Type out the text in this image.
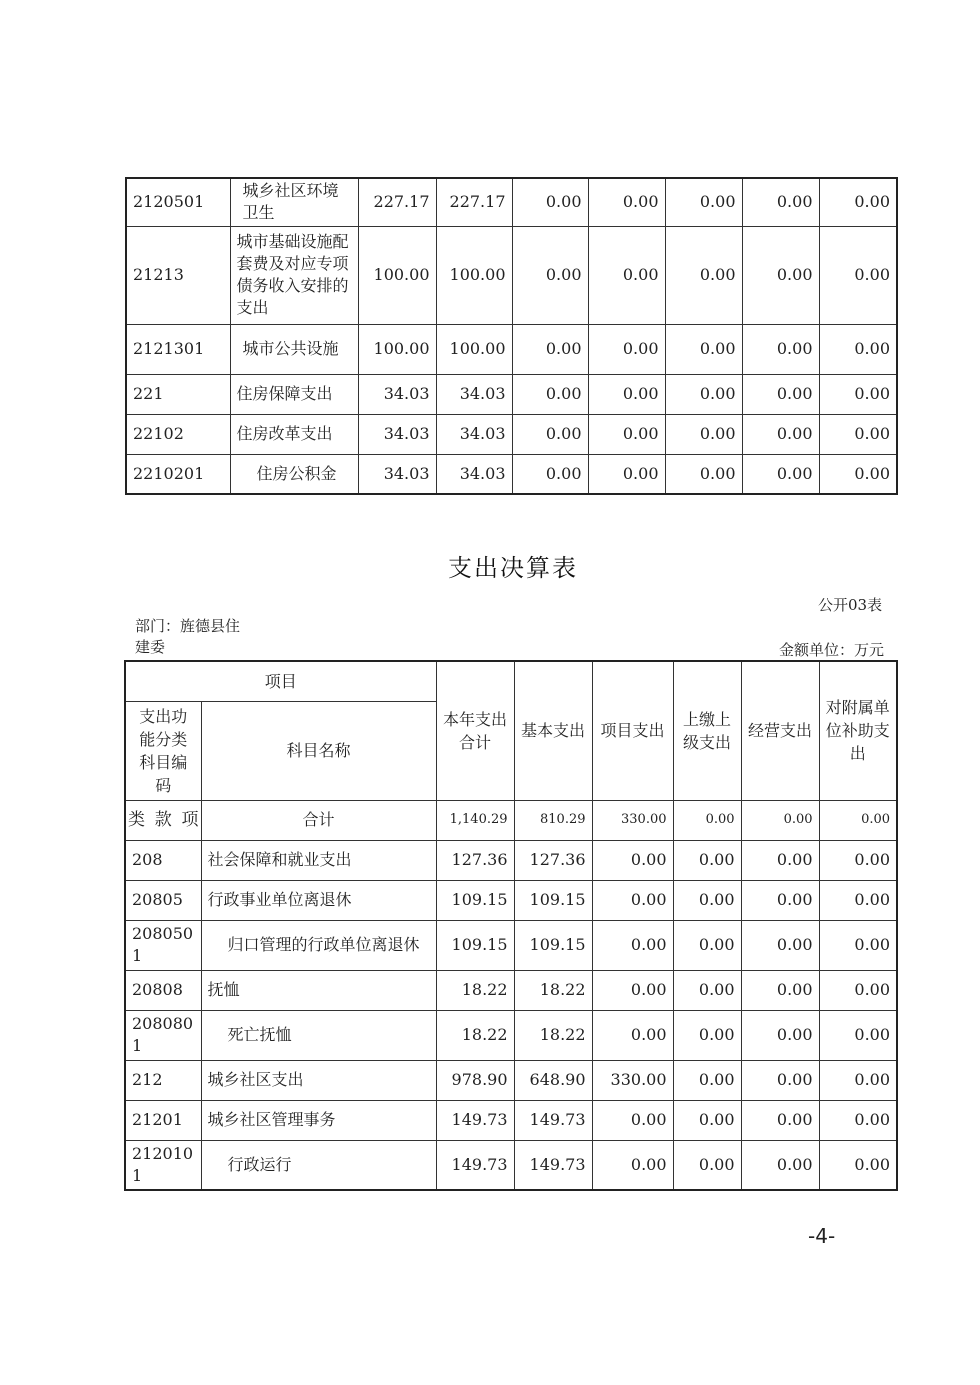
2120501	城乡社区环境卫生	227.17	227.17	0.00	0.00	0.00	0.00	0.00
21213	城市基础设施配套费及对应专项债务收入安排的支出	100.00	100.00	0.00	0.00	0.00	0.00	0.00
2121301	城市公共设施	100.00	100.00	0.00	0.00	0.00	0.00	0.00
221	住房保障支出	34.03	34.03	0.00	0.00	0.00	0.00	0.00
22102	住房改革支出	34.03	34.03	0.00	0.00	0.00	0.00	0.00
2210201	住房公积金	34.03	34.03	0.00	0.00	0.00	0.00	0.00
支出决算表
公开03表
部门：旌德县住建委	金额单位：万元
项目		本年支出合计	基本支出	项目支出	上缴上级支出	经营支出	对附属单位补助支出
支出功能分类科目编码	科目名称						

类 款 项	合计	1,140.29	810.29	330.00	0.00	0.00	0.00
208	社会保障和就业支出	127.36	127.36	0.00	0.00	0.00	0.00
20805	行政事业单位离退休	109.15	109.15	0.00	0.00	0.00	0.00
2080501	归口管理的行政单位离退休	109.15	109.15	0.00	0.00	0.00	0.00
20808	抚恤	18.22	18.22	0.00	0.00	0.00	0.00
2080801	死亡抚恤	18.22	18.22	0.00	0.00	0.00	0.00
212	城乡社区支出	978.90	648.90	330.00	0.00	0.00	0.00
21201	城乡社区管理事务	149.73	149.73	0.00	0.00	0.00	0.00
2120101	行政运行	149.73	149.73	0.00	0.00	0.00	0.00
-4-
